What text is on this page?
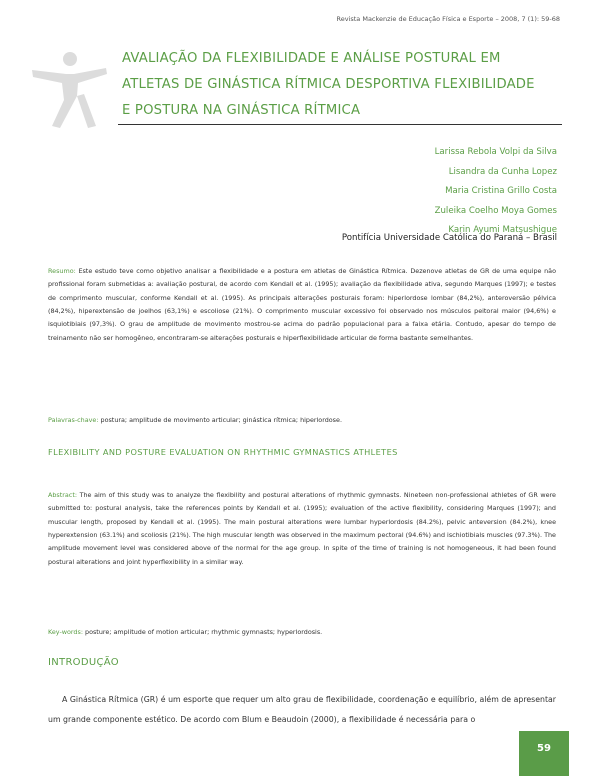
Revista Mackenzie de Educação Física e Esporte – 2008, 7 (1): 59-68
AVALIAÇÃO DA FLEXIBILIDADE E ANÁLISE POSTURAL EM
ATLETAS DE GINÁSTICA RÍTMICA DESPORTIVA FLEXIBILIDADE
E POSTURA NA GINÁSTICA RÍTMICA
Larissa Rebola Volpi da Silva
Lisandra da Cunha Lopez
Maria Cristina Grillo Costa
Zuleika Coelho Moya Gomes
Karin Ayumi Matsushigue
Pontifícia Universidade Católica do Paraná – Brasil
Resumo: Este estudo teve como objetivo analisar a flexibilidade e a postura em atletas de Ginástica Rítmica. Dezenove atletas de GR de uma equipe não profissional foram submetidas a: avaliação postural, de acordo com Kendall et al. (1995); avaliação da flexibilidade ativa, segundo Marques (1997); e testes de comprimento muscular, conforme Kendall et al. (1995). As principais alterações posturais foram: hiperlordose lombar (84,2%), anteroversão pélvica (84,2%), hiperextensão de joelhos (63,1%) e escoliose (21%). O comprimento muscular excessivo foi observado nos músculos peitoral maior (94,6%) e isquiotibiais (97,3%). O grau de amplitude de movimento mostrou-se acima do padrão populacional para a faixa etária. Contudo, apesar do tempo de treinamento não ser homogêneo, encontraram-se alterações posturais e hiperflexibilidade articular de forma bastante semelhantes.
Palavras-chave: postura; amplitude de movimento articular; ginástica rítmica; hiperlordose.
FLEXIBILITY AND POSTURE EVALUATION ON RHYTHMIC GYMNASTICS ATHLETES
Abstract: The aim of this study was to analyze the flexibility and postural alterations of rhythmic gymnasts. Nineteen non-professional athletes of GR were submitted to: postural analysis, take the references points by Kendall et al. (1995); evaluation of the active flexibility, considering Marques (1997); and muscular length, proposed by Kendall et al. (1995). The main postural alterations were lumbar hyperlordosis (84.2%), pelvic anteversion (84.2%), knee hyperextension (63.1%) and scoliosis (21%). The high muscular length was observed in the maximum pectoral (94.6%) and ischiotibials muscles (97.3%). The amplitude movement level was considered above of the normal for the age group. In spite of the time of training is not homogeneous, it had been found postural alterations and joint hyperflexibility in a similar way.
Key-words: posture; amplitude of motion articular; rhythmic gymnasts; hyperlordosis.
INTRODUÇÃO
A Ginástica Rítmica (GR) é um esporte que requer um alto grau de flexibilidade, coordenação e equilíbrio, além de apresentar um grande componente estético. De acordo com Blum e Beaudoin (2000), a flexibilidade é necessária para o
59
